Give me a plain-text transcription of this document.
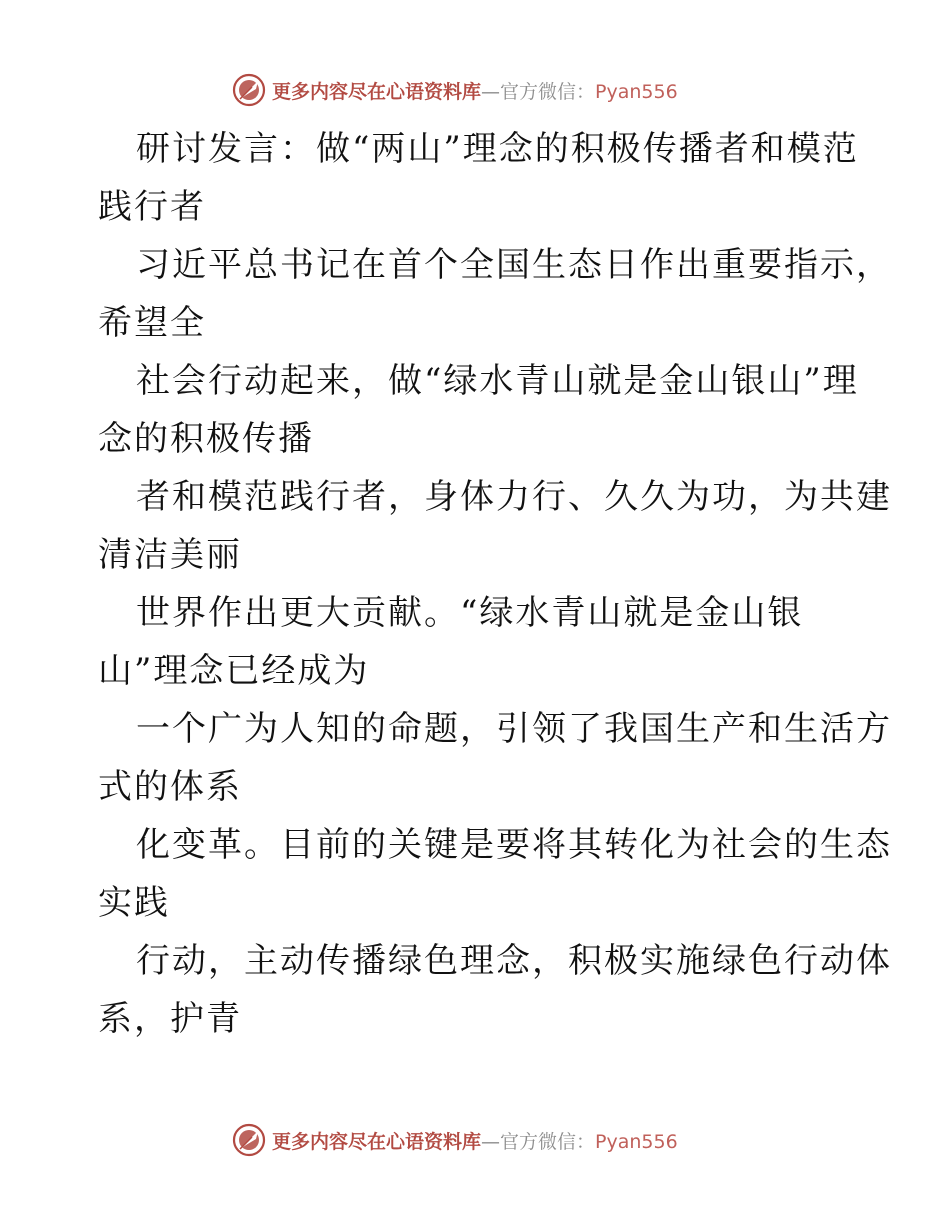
更多内容尽在心语资料库—官方微信：Pyan556
研讨发言：做“两山”理念的积极传播者和模范
践行者
习近平总书记在首个全国生态日作出重要指示，
希望全
社会行动起来，做“绿水青山就是金山银山”理
念的积极传播
者和模范践行者，身体力行、久久为功，为共建
清洁美丽
世界作出更大贡献。“绿水青山就是金山银
山”理念已经成为
一个广为人知的命题，引领了我国生产和生活方
式的体系
化变革。目前的关键是要将其转化为社会的生态
实践
行动，主动传播绿色理念，积极实施绿色行动体
系，护青
更多内容尽在心语资料库—官方微信：Pyan556
